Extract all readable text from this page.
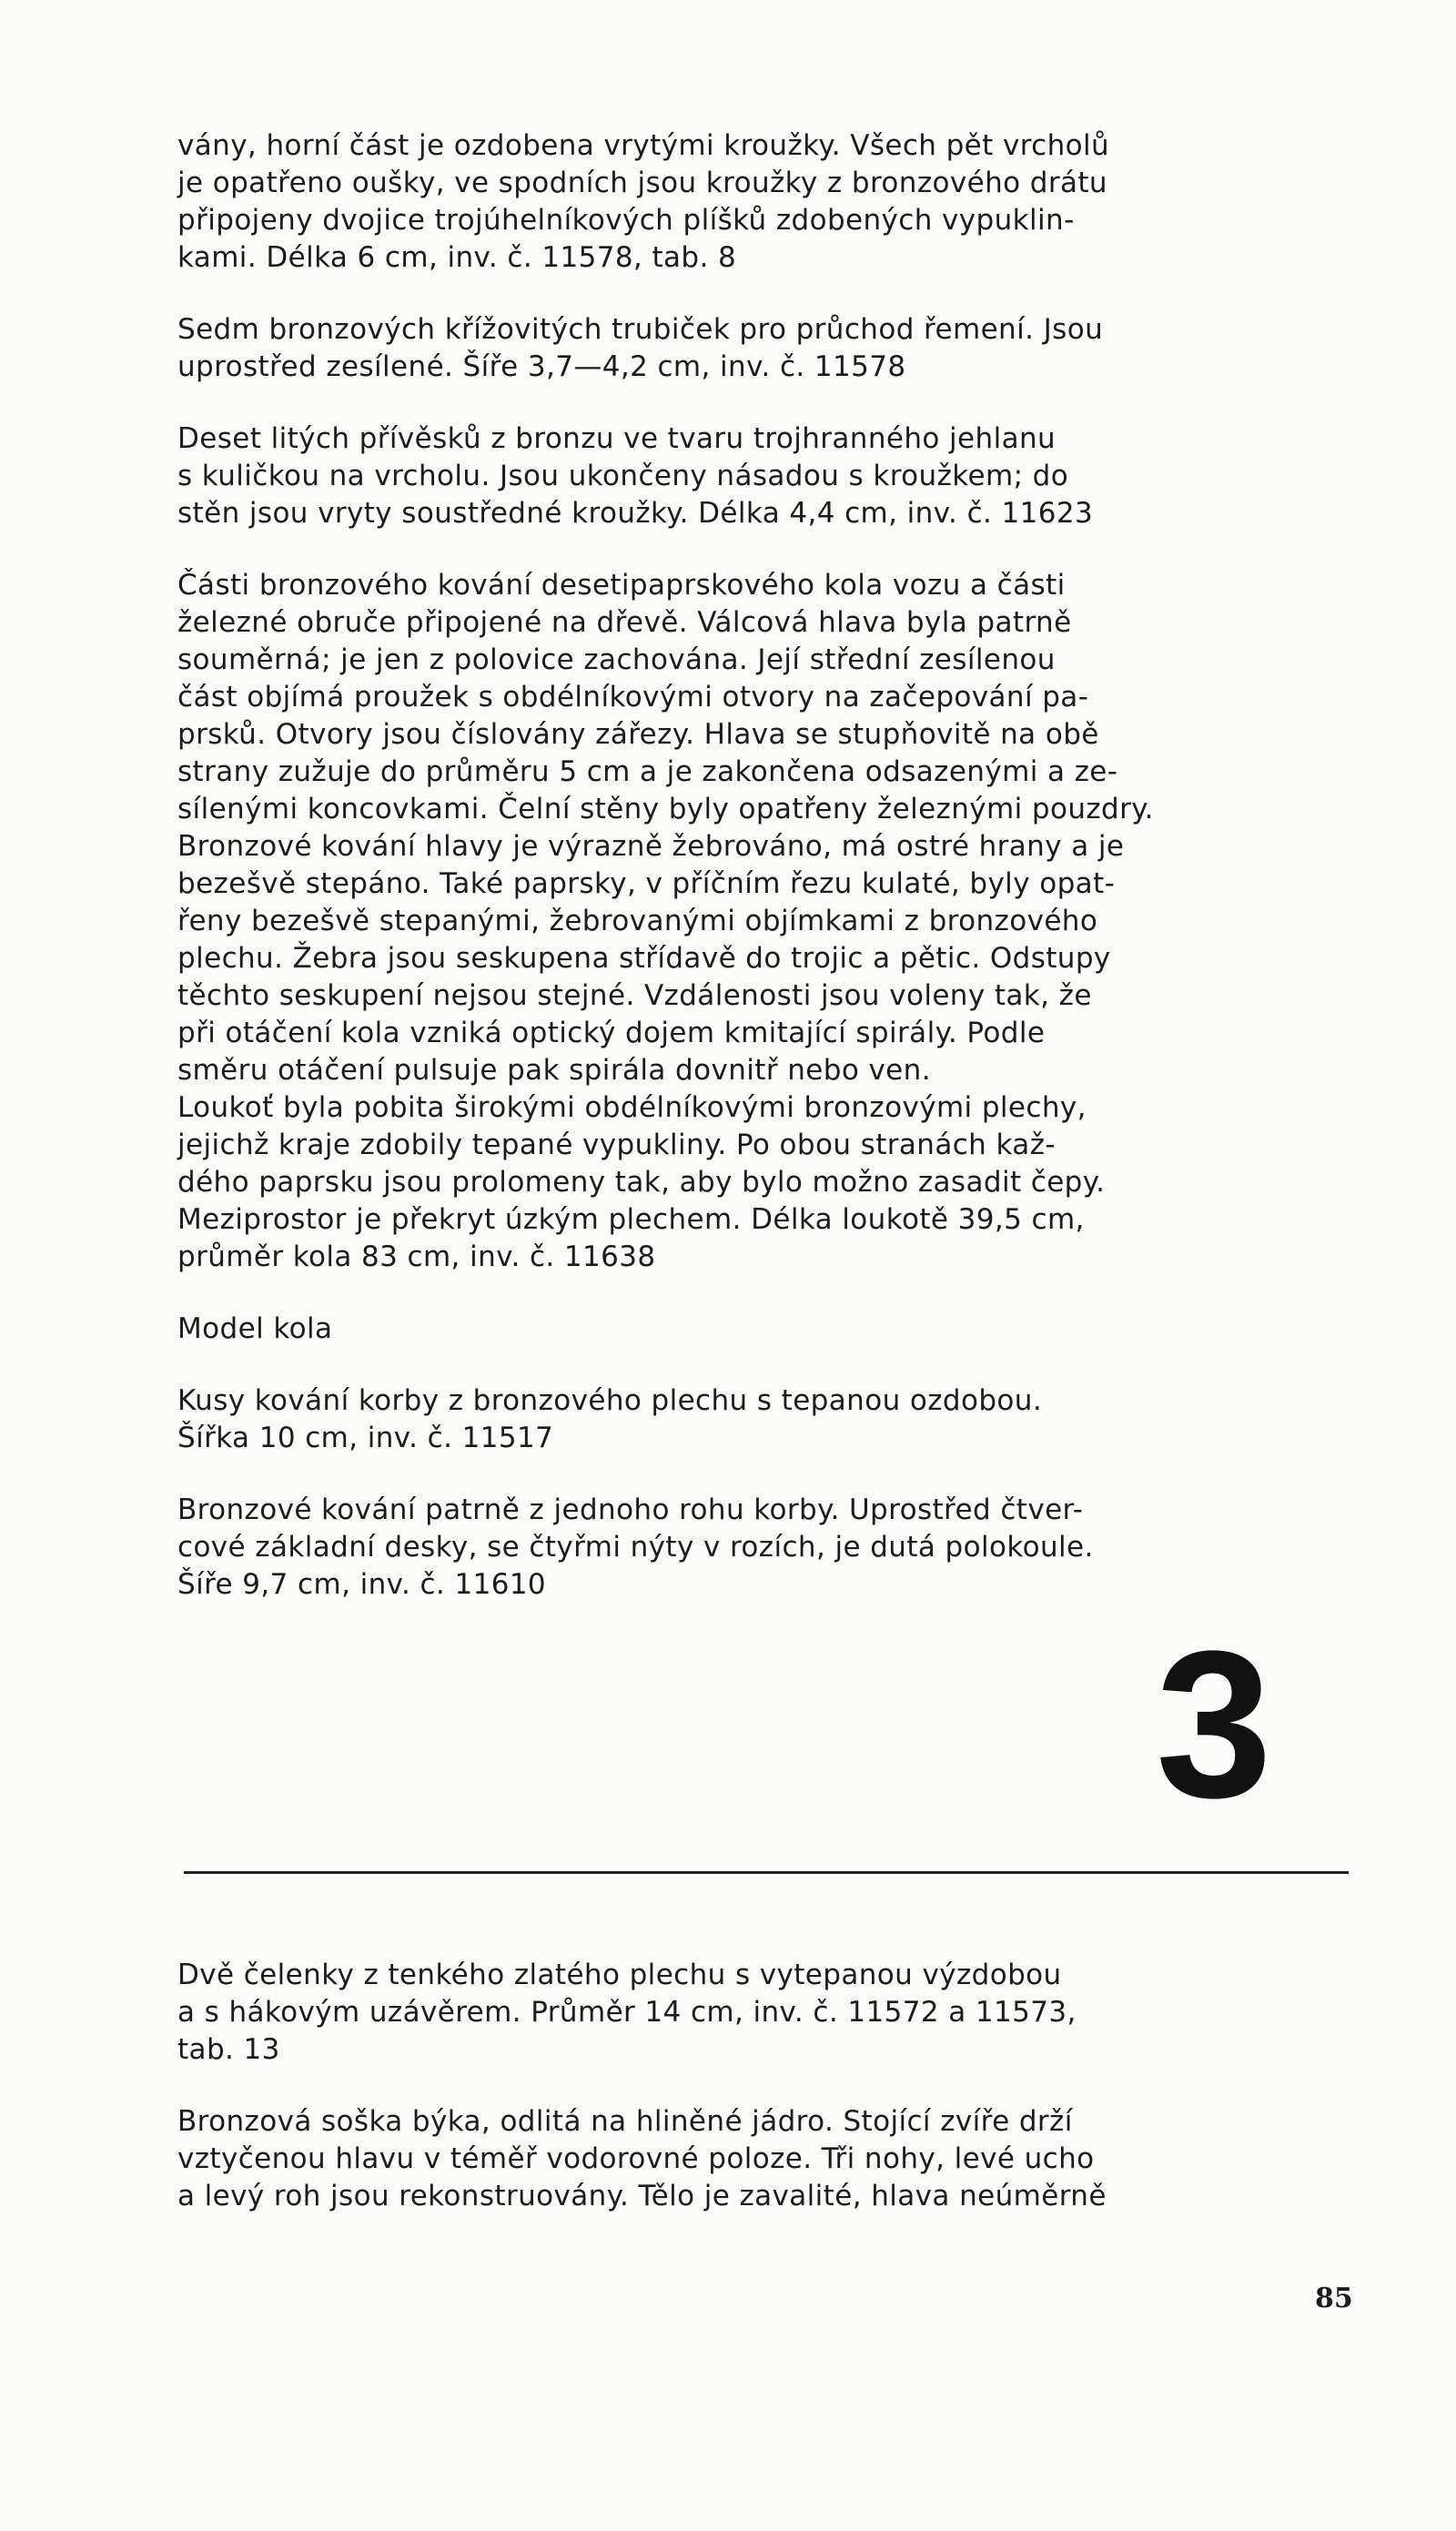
vány, horní část je ozdobena vrytými kroužky. Všech pět vrcholů
je opatřeno oušky, ve spodních jsou kroužky z bronzového drátu
připojeny dvojice trojúhelníkových plíšků zdobených vypuklin-
kami. Délka 6 cm, inv. č. 11578, tab. 8

Sedm bronzových křížovitých trubiček pro průchod řemení. Jsou
uprostřed zesílené. Šíře 3,7—4,2 cm, inv. č. 11578

Deset litých přívěsků z bronzu ve tvaru trojhranného jehlanu
s kuličkou na vrcholu. Jsou ukončeny násadou s kroužkem; do
stěn jsou vryty soustředné kroužky. Délka 4,4 cm, inv. č. 11623

Části bronzového kování desetipaprskového kola vozu a části
železné obruče připojené na dřevě. Válcová hlava byla patrně
souměrná; je jen z polovice zachována. Její střední zesílenou
část objímá proužek s obdélníkovými otvory na začepování pa-
prsků. Otvory jsou číslovány zářezy. Hlava se stupňovitě na obě
strany zužuje do průměru 5 cm a je zakončena odsazenými a ze-
sílenými koncovkami. Čelní stěny byly opatřeny železnými pouzdry.
Bronzové kování hlavy je výrazně žebrováno, má ostré hrany a je
bezešvě stepáno. Také paprsky, v příčním řezu kulaté, byly opat-
řeny bezešvě stepanými, žebrovanými objímkami z bronzového
plechu. Žebra jsou seskupena střídavě do trojic a pětic. Odstupy
těchto seskupení nejsou stejné. Vzdálenosti jsou voleny tak, že
při otáčení kola vzniká optický dojem kmitající spirály. Podle
směru otáčení pulsuje pak spirála dovnitř nebo ven.
Loukoť byla pobita širokými obdélníkovými bronzovými plechy,
jejichž kraje zdobily tepané vypukliny. Po obou stranách kaž-
dého paprsku jsou prolomeny tak, aby bylo možno zasadit čepy.
Meziprostor je překryt úzkým plechem. Délka loukotě 39,5 cm,
průměr kola 83 cm, inv. č. 11638

Model kola

Kusy kování korby z bronzového plechu s tepanou ozdobou.
Šířka 10 cm, inv. č. 11517

Bronzové kování patrně z jednoho rohu korby. Uprostřed čtver-
cové základní desky, se čtyřmi nýty v rozích, je dutá polokoule.
Šíře 9,7 cm, inv. č. 11610

3

Dvě čelenky z tenkého zlatého plechu s vytepanou výzdobou
a s hákovým uzávěrem. Průměr 14 cm, inv. č. 11572 a 11573,
tab. 13

Bronzová soška býka, odlitá na hliněné jádro. Stojící zvíře drží
vztyčenou hlavu v téměř vodorovné poloze. Tři nohy, levé ucho
a levý roh jsou rekonstruovány. Tělo je zavalité, hlava neúměrně

85
